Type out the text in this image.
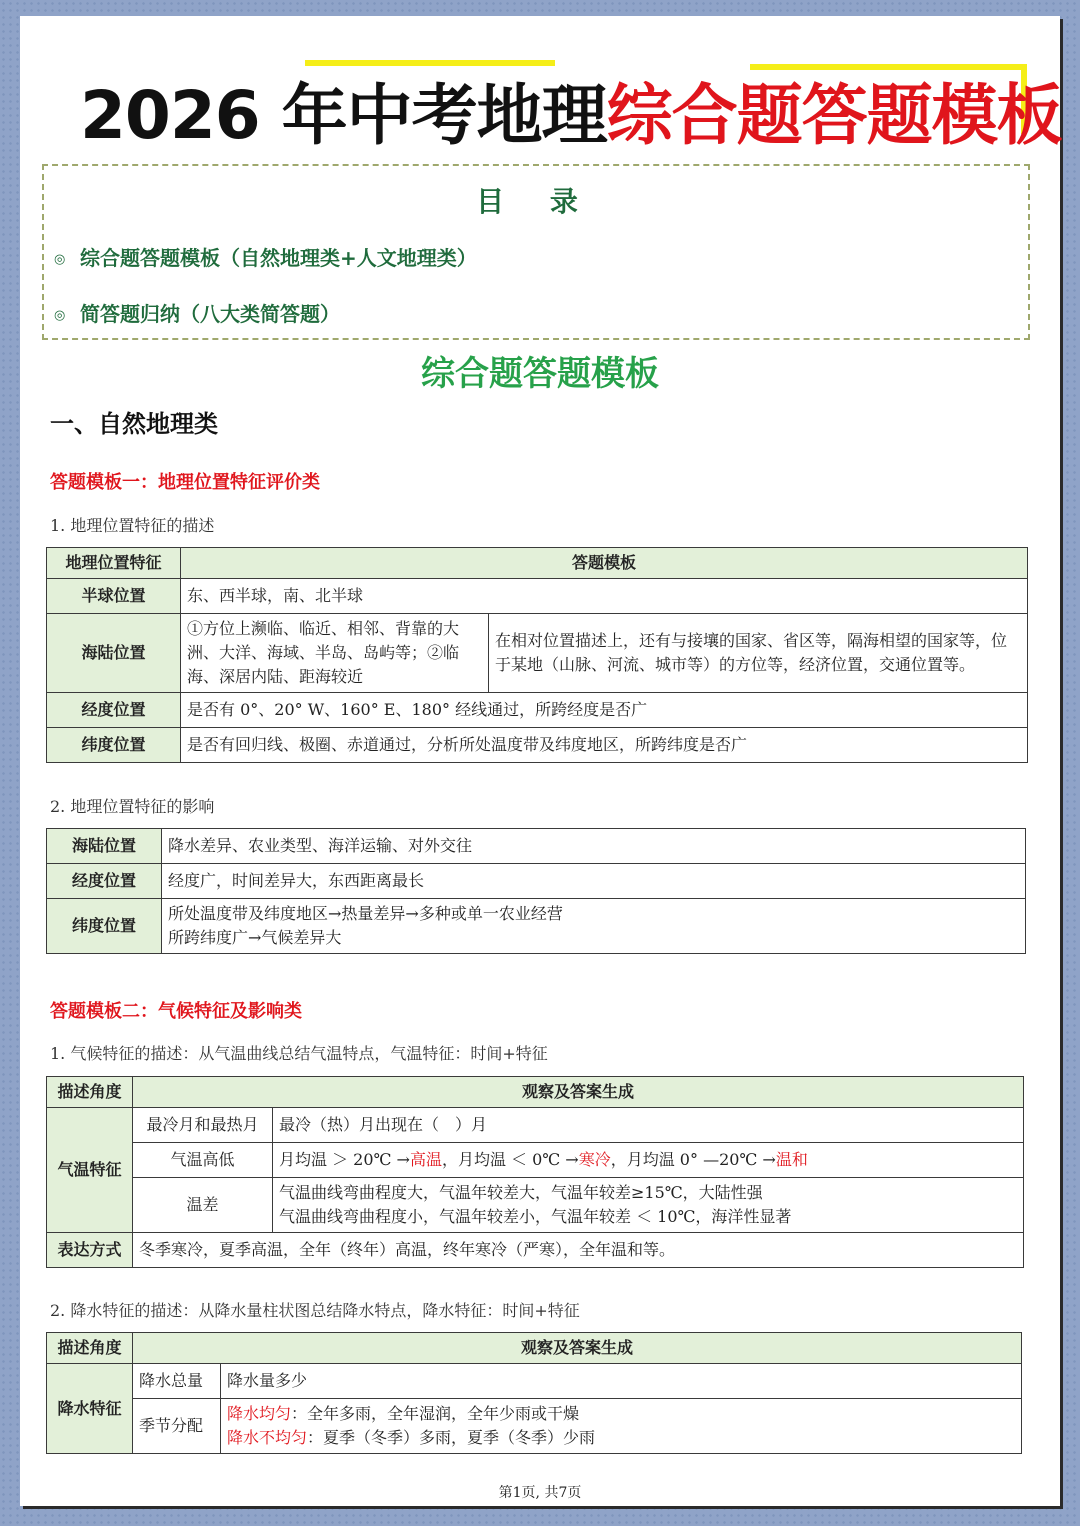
2026 年中考地理综合题答题模板
目 录
◎ 综合题答题模板（自然地理类+人文地理类）
◎ 简答题归纳（八大类简答题）
综合题答题模板
一、自然地理类
答题模板一：地理位置特征评价类
1. 地理位置特征的描述
地理位置特征	答题模板	
半球位置	东、西半球，南、北半球	
海陆位置	①方位上濒临、临近、相邻、背靠的大洲、大洋、海域、半岛、岛屿等；②临海、深居内陆、距海较近	在相对位置描述上，还有与接壤的国家、省区等，隔海相望的国家等，位于某地（山脉、河流、城市等）的方位等，经济位置，交通位置等。
经度位置	是否有 0°、20° W、160° E、180° 经线通过，所跨经度是否广	
纬度位置	是否有回归线、极圈、赤道通过，分析所处温度带及纬度地区，所跨纬度是否广	
2. 地理位置特征的影响
海陆位置	降水差异、农业类型、海洋运输、对外交往
经度位置	经度广，时间差异大，东西距离最长
纬度位置	所处温度带及纬度地区→热量差异→多种或单一农业经营
所跨纬度广→气候差异大
答题模板二：气候特征及影响类
1. 气候特征的描述：从气温曲线总结气温特点，气温特征：时间+特征
描述角度	观察及答案生成	
气温特征	最冷月和最热月	最冷（热）月出现在（　）月
	气温高低	月均温 ＞ 20℃ →高温，月均温 ＜ 0℃ →寒冷，月均温 0° —20℃ →温和
	温差	气温曲线弯曲程度大，气温年较差大，气温年较差≥15℃，大陆性强
气温曲线弯曲程度小，气温年较差小，气温年较差 ＜ 10℃，海洋性显著

表达方式	冬季寒冷，夏季高温，全年（终年）高温，终年寒冷（严寒），全年温和等。	
2. 降水特征的描述：从降水量柱状图总结降水特点，降水特征：时间+特征
描述角度	观察及答案生成	
降水特征	降水总量	降水量多少
	季节分配	降水均匀：全年多雨，全年湿润，全年少雨或干燥
降水不均匀：夏季（冬季）多雨，夏季（冬季）少雨
第1页, 共7页
